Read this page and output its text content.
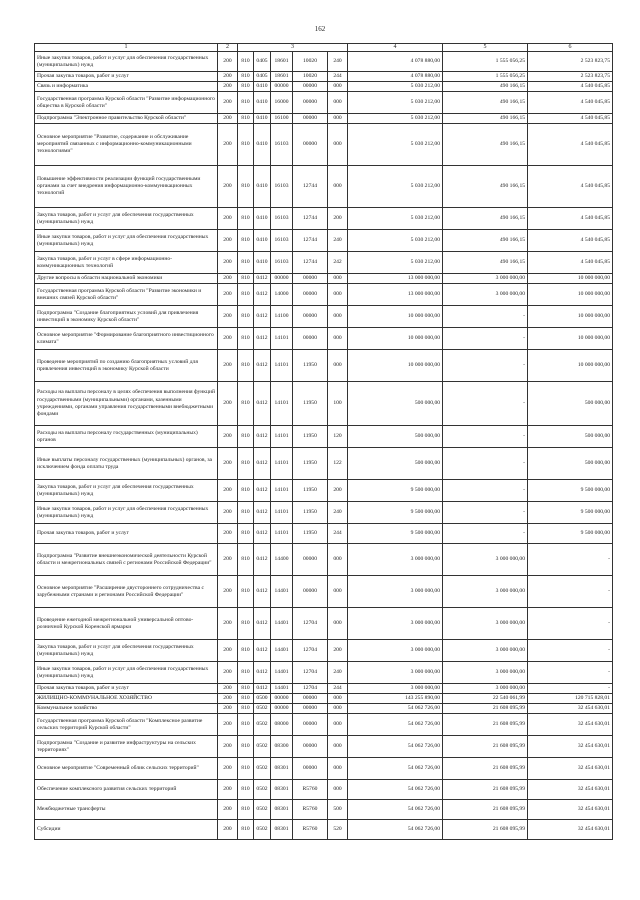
162
1	2	3					4	5	6
Иные закупки товаров, работ и услуг для обеспечения государственных (муниципальных) нужд	200	810	0405	18601	10020	240	4 078 880,00	1 555 056,25	2 523 823,75
Прочая закупка товаров, работ и услуг	200	810	0405	18601	10020	244	4 078 880,00	1 555 056,25	2 523 823,75
Связь и информатика	200	810	0410	00000	00000	000	5 030 212,00	490 166,15	4 540 045,85
Государственная программа Курской области "Развитие информационного общества в Курской области"	200	810	0410	16000	00000	000	5 030 212,00	490 166,15	4 540 045,85
Подпрограмма "Электронное правительство Курской области"	200	810	0410	16100	00000	000	5 030 212,00	490 166,15	4 540 045,85
Основное мероприятие "Развитие, содержание и обслуживание мероприятий связанных с информационно-коммуникационными технологиями"	200	810	0410	16103	00000	000	5 030 212,00	490 166,15	4 540 045,85
Повышение эффективности реализации функций государственными органами за счет внедрения информационно-коммуникационных технологий	200	810	0410	16103	12744	000	5 030 212,00	490 166,15	4 540 045,85
Закупка товаров, работ и услуг для обеспечения государственных (муниципальных) нужд	200	810	0410	16103	12744	200	5 030 212,00	490 166,15	4 540 045,85
Иные закупки товаров, работ и услуг для обеспечения государственных (муниципальных) нужд	200	810	0410	16103	12744	240	5 030 212,00	490 166,15	4 540 045,85
Закупка товаров, работ и услуг в сфере информационно-коммуникационных технологий	200	810	0410	16103	12744	242	5 030 212,00	490 166,15	4 540 045,85
Другие вопросы в области национальной экономики	200	810	0412	00000	00000	000	13 000 000,00	3 000 000,00	10 000 000,00
Государственная программа Курской области "Развитие экономики и внешних связей Курской области"	200	810	0412	14000	00000	000	13 000 000,00	3 000 000,00	10 000 000,00
Подпрограмма "Создание благоприятных условий для привлечения инвестиций в экономику Курской области"	200	810	0412	14100	00000	000	10 000 000,00	-	10 000 000,00
Основное мероприятие "Формирование благоприятного инвестиционного климата"	200	810	0412	14101	00000	000	10 000 000,00	-	10 000 000,00
Проведение мероприятий по созданию благоприятных условий для привлечения инвестиций в экономику Курской области	200	810	0412	14101	11950	000	10 000 000,00	-	10 000 000,00
Расходы на выплаты персоналу в целях обеспечения выполнения функций государственными (муниципальными) органами, казенными учреждениями, органами управления государственными внебюджетными фондами	200	810	0412	14101	11950	100	500 000,00	-	500 000,00
Расходы на выплаты персоналу государственных (муниципальных) органов	200	810	0412	14101	11950	120	500 000,00	-	500 000,00
Иные выплаты персоналу государственных (муниципальных) органов, за исключением фонда оплаты труда	200	810	0412	14101	11950	122	500 000,00	-	500 000,00
Закупка товаров, работ и услуг для обеспечения государственных (муниципальных) нужд	200	810	0412	14101	11950	200	9 500 000,00	-	9 500 000,00
Иные закупки товаров, работ и услуг для обеспечения государственных (муниципальных) нужд	200	810	0412	14101	11950	240	9 500 000,00	-	9 500 000,00
Прочая закупка товаров, работ и услуг	200	810	0412	14101	11950	244	9 500 000,00	-	9 500 000,00
Подпрограмма "Развитие внешнеэкономической деятельности Курской области и межрегиональных связей с регионами Российской Федерации"	200	810	0412	14400	00000	000	3 000 000,00	3 000 000,00	-
Основное мероприятие "Расширение двустороннего сотрудничества с зарубежными странами и регионами Российской Федерации"	200	810	0412	14401	00000	000	3 000 000,00	3 000 000,00	-
Проведение ежегодной межрегиональной универсальной оптово-розничной Курской Коренской ярмарки	200	810	0412	14401	12704	000	3 000 000,00	3 000 000,00	-
Закупка товаров, работ и услуг для обеспечения государственных (муниципальных) нужд	200	810	0412	14401	12704	200	3 000 000,00	3 000 000,00	-
Иные закупки товаров, работ и услуг для обеспечения государственных (муниципальных) нужд	200	810	0412	14401	12704	240	3 000 000,00	3 000 000,00	-
Прочая закупка товаров, работ и услуг	200	810	0412	14401	12704	244	3 000 000,00	3 000 000,00	-
ЖИЛИЩНО-КОММУНАЛЬНОЕ ХОЗЯЙСТВО	200	810	0500	00000	00000	000	143 255 890,00	22 540 061,99	120 715 828,01
Коммунальное хозяйство	200	810	0502	00000	00000	000	54 062 726,00	21 608 095,99	32 454 630,01
Государственная программа Курской области "Комплексное развитие сельских территорий Курской области"	200	810	0502	08000	00000	000	54 062 726,00	21 608 095,99	32 454 630,01
Подпрограмма "Создание и развитие инфраструктуры на сельских территориях"	200	810	0502	08300	00000	000	54 062 726,00	21 608 095,99	32 454 630,01
Основное мероприятие "Современный облик сельских территорий"	200	810	0502	08301	00000	000	54 062 726,00	21 608 095,99	32 454 630,01
Обеспечение комплексного развития сельских территорий	200	810	0502	08301	R5760	000	54 062 726,00	21 608 095,99	32 454 630,01
Межбюджетные трансферты	200	810	0502	08301	R5760	500	54 062 726,00	21 608 095,99	32 454 630,01
Субсидии	200	810	0502	08301	R5760	520	54 062 726,00	21 608 095,99	32 454 630,01
